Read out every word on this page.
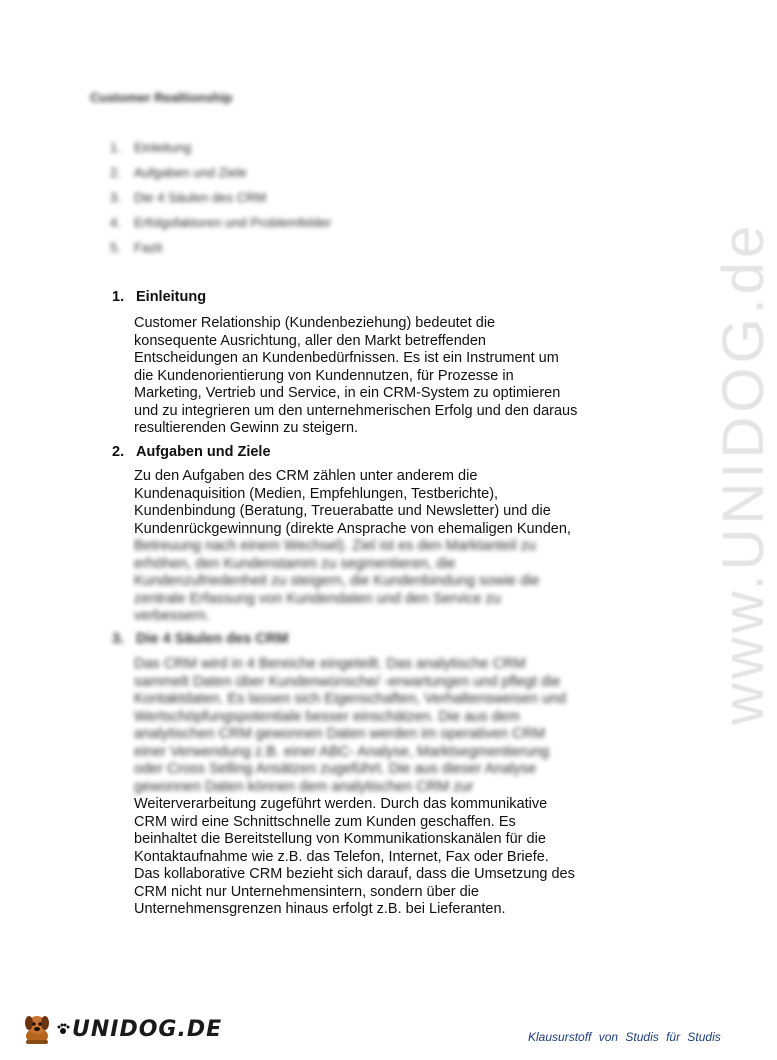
Customer Realtionship
1.	Einleitung
2.	Aufgaben und Ziele
3.	Die 4 Säulen des CRM
4.	Erfolgsfaktoren und Problemfelder
5.	Fazit
1. Einleitung
Customer Relationship (Kundenbeziehung) bedeutet die
konsequente Ausrichtung, aller den Markt betreffenden
Entscheidungen an Kundenbedürfnissen. Es ist ein Instrument um
die Kundenorientierung von Kundennutzen, für Prozesse in
Marketing, Vertrieb und Service, in ein CRM-System zu optimieren
und zu integrieren um den unternehmerischen Erfolg und den daraus
resultierenden Gewinn zu steigern.
2. Aufgaben und Ziele
Zu den Aufgaben des CRM zählen unter anderem die
Kundenaquisition (Medien, Empfehlungen, Testberichte),
Kundenbindung (Beratung, Treuerabatte und Newsletter) und die
Kundenrückgewinnung (direkte Ansprache von ehemaligen Kunden,
Betreuung nach einem Wechsel). Ziel ist es den Marktanteil zu
erhöhen, den Kundenstamm zu segmentieren, die
Kundenzufriedenheit zu steigern, die Kundenbindung sowie die
zentrale Erfassung von Kundendaten und den Service zu
verbessern.
3. Die 4 Säulen des CRM
Das CRM wird in 4 Bereiche eingeteilt. Das analytische CRM
sammelt Daten über Kundenwünsche/ -erwartungen und pflegt die
Kontaktdaten. Es lassen sich Eigenschaften, Verhaltensweisen und
Wertschöpfungspotentiale besser einschätzen. Die aus dem
analytischen CRM gewonnen Daten werden im operativen CRM
einer Verwendung z.B. einer ABC- Analyse, Marktsegmentierung
oder Cross Selling Ansätzen zugeführt. Die aus dieser Analyse
gewonnen Daten können dem analytischen CRM zur
Weiterverarbeitung zugeführt werden. Durch das kommunikative
CRM wird eine Schnittschnelle zum Kunden geschaffen. Es
beinhaltet die Bereitstellung von Kommunikationskanälen für die
Kontaktaufnahme wie z.B. das Telefon, Internet, Fax oder Briefe.
Das kollaborative CRM bezieht sich darauf, dass die Umsetzung des
CRM nicht nur Unternehmensintern, sondern über die
Unternehmensgrenzen hinaus erfolgt z.B. bei Lieferanten.
www.UNIDOG.de
UNIDOG.DE	Klausurstoff von Studis für Studis
